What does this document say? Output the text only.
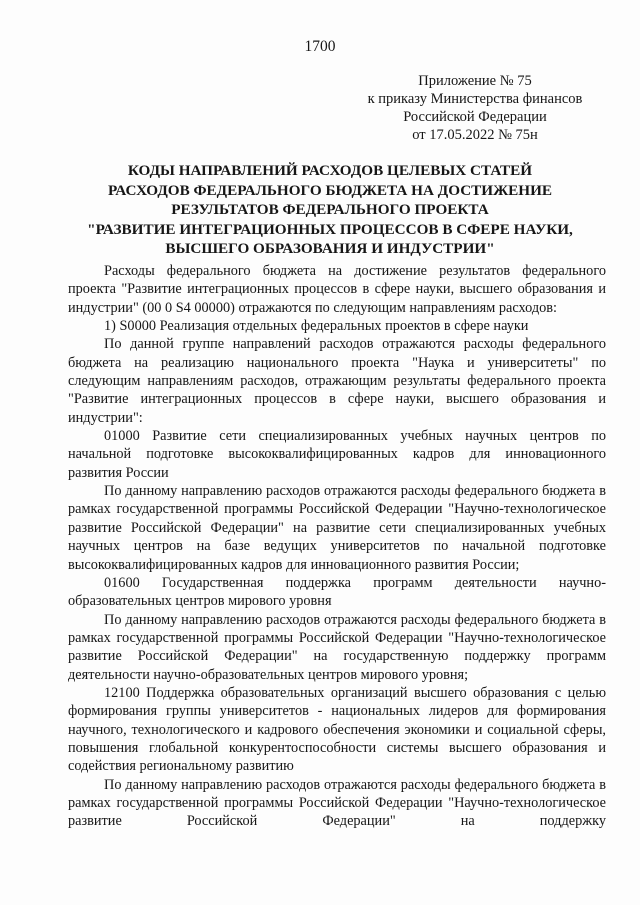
1700
Приложение № 75
к приказу Министерства финансов
Российской Федерации
от 17.05.2022 № 75н
КОДЫ НАПРАВЛЕНИЙ РАСХОДОВ ЦЕЛЕВЫХ СТАТЕЙ
РАСХОДОВ ФЕДЕРАЛЬНОГО БЮДЖЕТА НА ДОСТИЖЕНИЕ
РЕЗУЛЬТАТОВ ФЕДЕРАЛЬНОГО ПРОЕКТА
"РАЗВИТИЕ ИНТЕГРАЦИОННЫХ ПРОЦЕССОВ В СФЕРЕ НАУКИ,
ВЫСШЕГО ОБРАЗОВАНИЯ И ИНДУСТРИИ"

Расходы федерального бюджета на достижение результатов федерального проекта "Развитие интеграционных процессов в сфере науки, высшего образования и индустрии" (00 0 S4 00000) отражаются по следующим направлениям расходов:

1) S0000 Реализация отдельных федеральных проектов в сфере науки

По данной группе направлений расходов отражаются расходы федерального бюджета на реализацию национального проекта "Наука и университеты" по следующим направлениям расходов, отражающим результаты федерального проекта "Развитие интеграционных процессов в сфере науки, высшего образования и индустрии":

01000 Развитие сети специализированных учебных научных центров по начальной подготовке высококвалифицированных кадров для инновационного развития России

По данному направлению расходов отражаются расходы федерального бюджета в рамках государственной программы Российской Федерации "Научно-технологическое развитие Российской Федерации" на развитие сети специализированных учебных научных центров на базе ведущих университетов по начальной подготовке высококвалифицированных кадров для инновационного развития России;

01600 Государственная поддержка программ деятельности научно-образовательных центров мирового уровня

По данному направлению расходов отражаются расходы федерального бюджета в рамках государственной программы Российской Федерации "Научно-технологическое развитие Российской Федерации" на государственную поддержку программ деятельности научно-образовательных центров мирового уровня;

12100 Поддержка образовательных организаций высшего образования с целью формирования группы университетов - национальных лидеров для формирования научного, технологического и кадрового обеспечения экономики и социальной сферы, повышения глобальной конкурентоспособности системы высшего образования и содействия региональному развитию

По данному направлению расходов отражаются расходы федерального бюджета в рамках государственной программы Российской Федерации "Научно-технологическое развитие Российской Федерации" на поддержку
